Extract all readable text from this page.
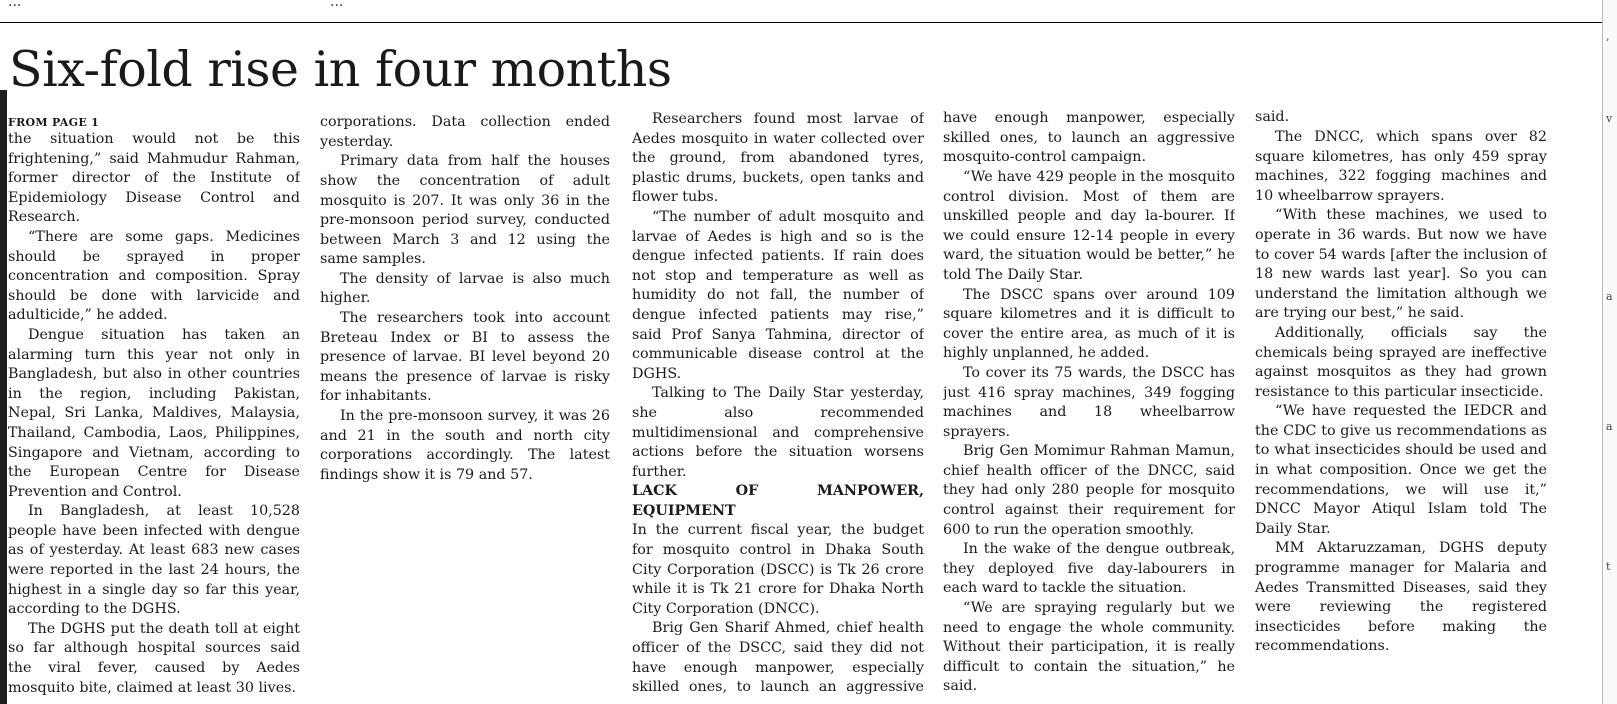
...	...
,
v
a
a
t
Six-fold rise in four months
FROM PAGE 1

the situation would not be this frightening,” said Mahmudur Rahman, former director of the Institute of Epidemiology Disease Control and Research.

“There are some gaps. Medicines should be sprayed in proper concentration and composition. Spray should be done with larvicide and adulticide,” he added.

Dengue situation has taken an alarming turn this year not only in Bangladesh, but also in other countries in the region, including Pakistan, Nepal, Sri Lanka, Maldives, Malaysia, Thailand, Cambodia, Laos, Philippines, Singapore and Vietnam, according to the European Centre for Disease Prevention and Control.

In Bangladesh, at least 10,528 people have been infected with dengue as of yesterday. At least 683 new cases were reported in the last 24 hours, the highest in a single day so far this year, according to the DGHS.

The DGHS put the death toll at eight so far although hospital sources said the viral fever, caused by Aedes mosquito bite, claimed at least 30 lives.

corporations. Data collection ended yesterday.

Primary data from half the houses show the concentration of adult mosquito is 207. It was only 36 in the pre-monsoon period survey, conducted between March 3 and 12 using the same samples.

The density of larvae is also much higher.

The researchers took into account Breteau Index or BI to assess the presence of larvae. BI level beyond 20 means the presence of larvae is risky for inhabitants.

In the pre-monsoon survey, it was 26 and 21 in the south and north city corporations accordingly. The latest findings show it is 79 and 57.

Researchers found most larvae of Aedes mosquito in water collected over the ground, from abandoned tyres, plastic drums, buckets, open tanks and flower tubs.

“The number of adult mosquito and larvae of Aedes is high and so is the dengue infected patients. If rain does not stop and temperature as well as humidity do not fall, the number of dengue infected patients may rise,” said Prof Sanya Tahmina, director of communicable disease control at the DGHS.

Talking to The Daily Star yesterday, she also recommended multidimensional and comprehensive actions before the situation worsens further.

LACK OF MANPOWER, EQUIPMENT

In the current fiscal year, the budget for mosquito control in Dhaka South City Corporation (DSCC) is Tk 26 crore while it is Tk 21 crore for Dhaka North City Corporation (DNCC).

Brig Gen Sharif Ahmed, chief health officer of the DSCC, said they did not have enough manpower, especially skilled ones, to launch an aggressive

have enough manpower, especially skilled ones, to launch an aggressive mosquito-control campaign.

“We have 429 people in the mosquito control division. Most of them are unskilled people and day la-bourer. If we could ensure 12-14 people in every ward, the situation would be better,” he told The Daily Star.

The DSCC spans over around 109 square kilometres and it is difficult to cover the entire area, as much of it is highly unplanned, he added.

To cover its 75 wards, the DSCC has just 416 spray machines, 349 fogging machines and 18 wheelbarrow sprayers.

Brig Gen Momimur Rahman Mamun, chief health officer of the DNCC, said they had only 280 people for mosquito control against their requirement for 600 to run the operation smoothly.

In the wake of the dengue outbreak, they deployed five day-labourers in each ward to tackle the situation.

“We are spraying regularly but we need to engage the whole community. Without their participation, it is really difficult to contain the situation,” he said.

said.

The DNCC, which spans over 82 square kilometres, has only 459 spray machines, 322 fogging machines and 10 wheelbarrow sprayers.

“With these machines, we used to operate in 36 wards. But now we have to cover 54 wards [after the inclusion of 18 new wards last year]. So you can understand the limitation although we are trying our best,” he said.

Additionally, officials say the chemicals being sprayed are ineffective against mosquitos as they had grown resistance to this particular insecticide.

“We have requested the IEDCR and the CDC to give us recommendations as to what insecticides should be used and in what composition. Once we get the recommendations, we will use it,” DNCC Mayor Atiqul Islam told The Daily Star.

MM Aktaruzzaman, DGHS deputy programme manager for Malaria and Aedes Transmitted Diseases, said they were reviewing the registered insecticides before making the recommendations.
